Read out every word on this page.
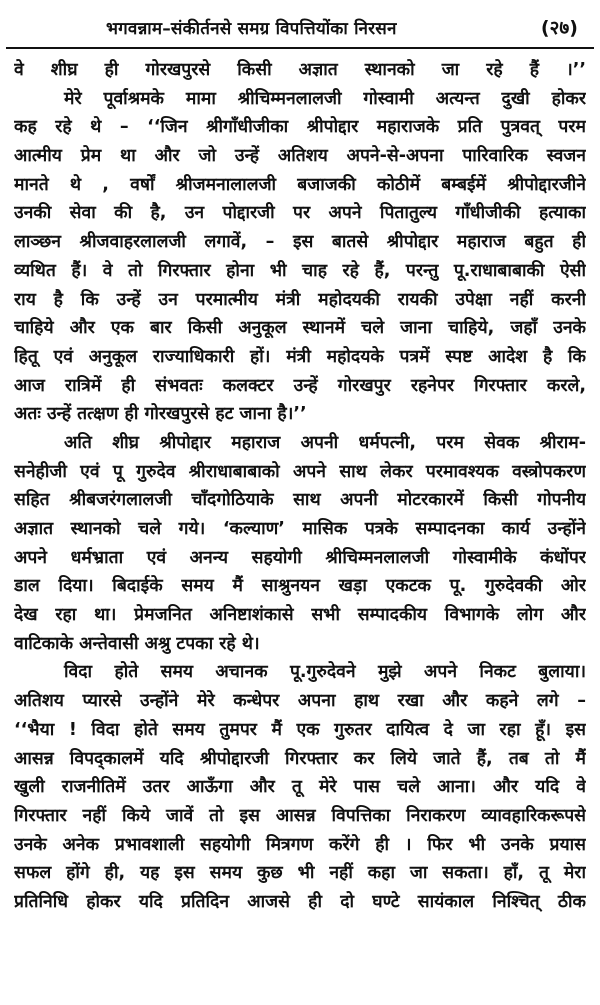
भगवन्नाम–संकीर्तनसे समग्र विपत्तियोंका निरसन	(२७)
वे शीघ्र ही गोरखपुरसे किसी अज्ञात स्थानको जा रहे हैं ।’’
मेरे पूर्वाश्रमके मामा श्रीचिम्मनलालजी गोस्वामी अत्यन्त दुखी होकर
कह रहे थे – ‘‘जिन श्रीगाँधीजीका श्रीपोद्दार महाराजके प्रति पुत्रवत् परम
आत्मीय प्रेम था और जो उन्हें अतिशय अपने-से-अपना पारिवारिक स्वजन
मानते थे , वर्षों श्रीजमनालालजी बजाजकी कोठीमें बम्बईमें श्रीपोद्दारजीने
उनकी सेवा की है, उन पोद्दारजी पर अपने पितातुल्य गाँधीजीकी हत्याका
लाञ्छन श्रीजवाहरलालजी लगावें, – इस बातसे श्रीपोद्दार महाराज बहुत ही
व्यथित हैं। वे तो गिरफ्तार होना भी चाह रहे हैं, परन्तु पू.राधाबाबाकी ऐसी
राय है कि उन्हें उन परमात्मीय मंत्री महोदयकी रायकी उपेक्षा नहीं करनी
चाहिये और एक बार किसी अनुकूल स्थानमें चले जाना चाहिये, जहाँ उनके
हितू एवं अनुकूल राज्याधिकारी हों। मंत्री महोदयके पत्रमें स्पष्ट आदेश है कि
आज रात्रिमें ही संभवतः कलक्टर उन्हें गोरखपुर रहनेपर गिरफ्तार करले,
अतः उन्हें तत्क्षण ही गोरखपुरसे हट जाना है।’’
अति शीघ्र श्रीपोद्दार महाराज अपनी धर्मपत्नी, परम सेवक श्रीराम-
सनेहीजी एवं पू गुरुदेव श्रीराधाबाबाको अपने साथ लेकर परमावश्यक वस्त्रोपकरण
सहित श्रीबजरंगलालजी चाँदगोठियाके साथ अपनी मोटरकारमें किसी गोपनीय
अज्ञात स्थानको चले गये। ‘कल्याण’ मासिक पत्रके सम्पादनका कार्य उन्होंने
अपने धर्मभ्राता एवं अनन्य सहयोगी श्रीचिम्मनलालजी गोस्वामीके कंधोंपर
डाल दिया। बिदाईके समय मैं साश्रुनयन खड़ा एकटक पू. गुरुदेवकी ओर
देख रहा था। प्रेमजनित अनिष्टाशंकासे सभी सम्पादकीय विभागके लोग और
वाटिकाके अन्तेवासी अश्रु टपका रहे थे।
विदा होते समय अचानक पू.गुरुदेवने मुझे अपने निकट बुलाया।
अतिशय प्यारसे उन्होंने मेरे कन्धेपर अपना हाथ रखा और कहने लगे –
‘‘भैया ! विदा होते समय तुमपर मैं एक गुरुतर दायित्व दे जा रहा हूँ। इस
आसन्न विपद्कालमें यदि श्रीपोद्दारजी गिरफ्तार कर लिये जाते हैं, तब तो मैं
खुली राजनीतिमें उतर आऊँगा और तू मेरे पास चले आना। और यदि वे
गिरफ्तार नहीं किये जावें तो इस आसन्न विपत्तिका निराकरण व्यावहारिकरूपसे
उनके अनेक प्रभावशाली सहयोगी मित्रगण करेंगे ही । फिर भी उनके प्रयास
सफल होंगे ही, यह इस समय कुछ भी नहीं कहा जा सकता। हाँ, तू मेरा
प्रतिनिधि होकर यदि प्रतिदिन आजसे ही दो घण्टे सायंकाल निश्चित् ठीक
